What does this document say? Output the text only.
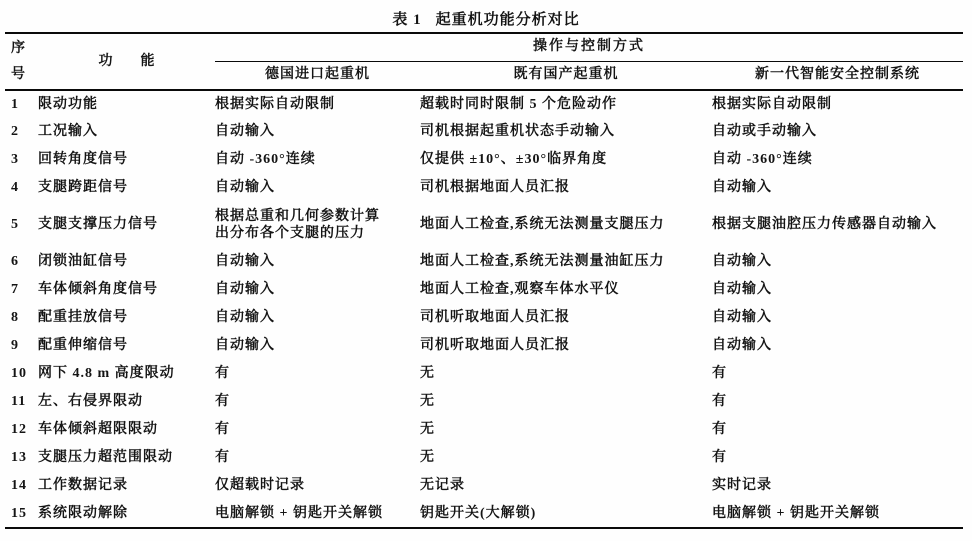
表 1 起重机功能分析对比
序
号	功　　能	操作与控制方式		
		德国进口起重机	既有国产起重机	新一代智能安全控制系统
1	限动功能	根据实际自动限制	超载时同时限制 5 个危险动作	根据实际自动限制
2	工况输入	自动输入	司机根据起重机状态手动输入	自动或手动输入
3	回转角度信号	自动 -360°连续	仅提供 ±10°、±30°临界角度	自动 -360°连续
4	支腿跨距信号	自动输入	司机根据地面人员汇报	自动输入
5	支腿支撑压力信号	根据总重和几何参数计算出分布各个支腿的压力	地面人工检查,系统无法测量支腿压力	根据支腿油腔压力传感器自动输入
6	闭锁油缸信号	自动输入	地面人工检查,系统无法测量油缸压力	自动输入
7	车体倾斜角度信号	自动输入	地面人工检查,观察车体水平仪	自动输入
8	配重挂放信号	自动输入	司机听取地面人员汇报	自动输入
9	配重伸缩信号	自动输入	司机听取地面人员汇报	自动输入
10	网下 4.8 m 高度限动	有	无	有
11	左、右侵界限动	有	无	有
12	车体倾斜超限限动	有	无	有
13	支腿压力超范围限动	有	无	有
14	工作数据记录	仅超载时记录	无记录	实时记录
15	系统限动解除	电脑解锁 + 钥匙开关解锁	钥匙开关(大解锁)	电脑解锁 + 钥匙开关解锁
